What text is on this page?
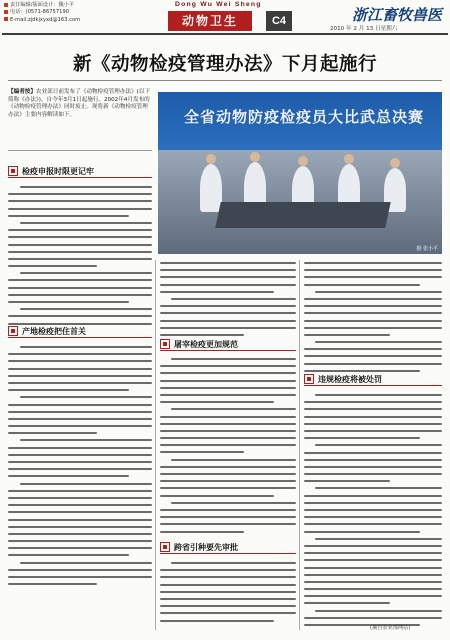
责任编辑/版面设计：魏小平
电话：(0571-86757190
E-mail:zjdkjxyxd@163.com
Dong Wu Wei Sheng
动物卫生	C4	浙江畜牧兽医
2010 年 2 月 13 日星期六
新《动物检疫管理办法》下月起施行
【编者按】农业部日前发布了《动物检疫管理办法》(以下简称《办法》)，自今年3月1日起施行。2002年4月发布的《动物检疫管理办法》同时废止。现将新《动物检疫管理办法》主要内容解读如下。	全省动物防疫检疫员大比武总决赛
摄 张小平
检疫申报时限更记牢
产地检疫把住首关
屠宰检疫更加规范
跨省引种要先审批
违规检疫将被处罚
(摘自农业部网站)
